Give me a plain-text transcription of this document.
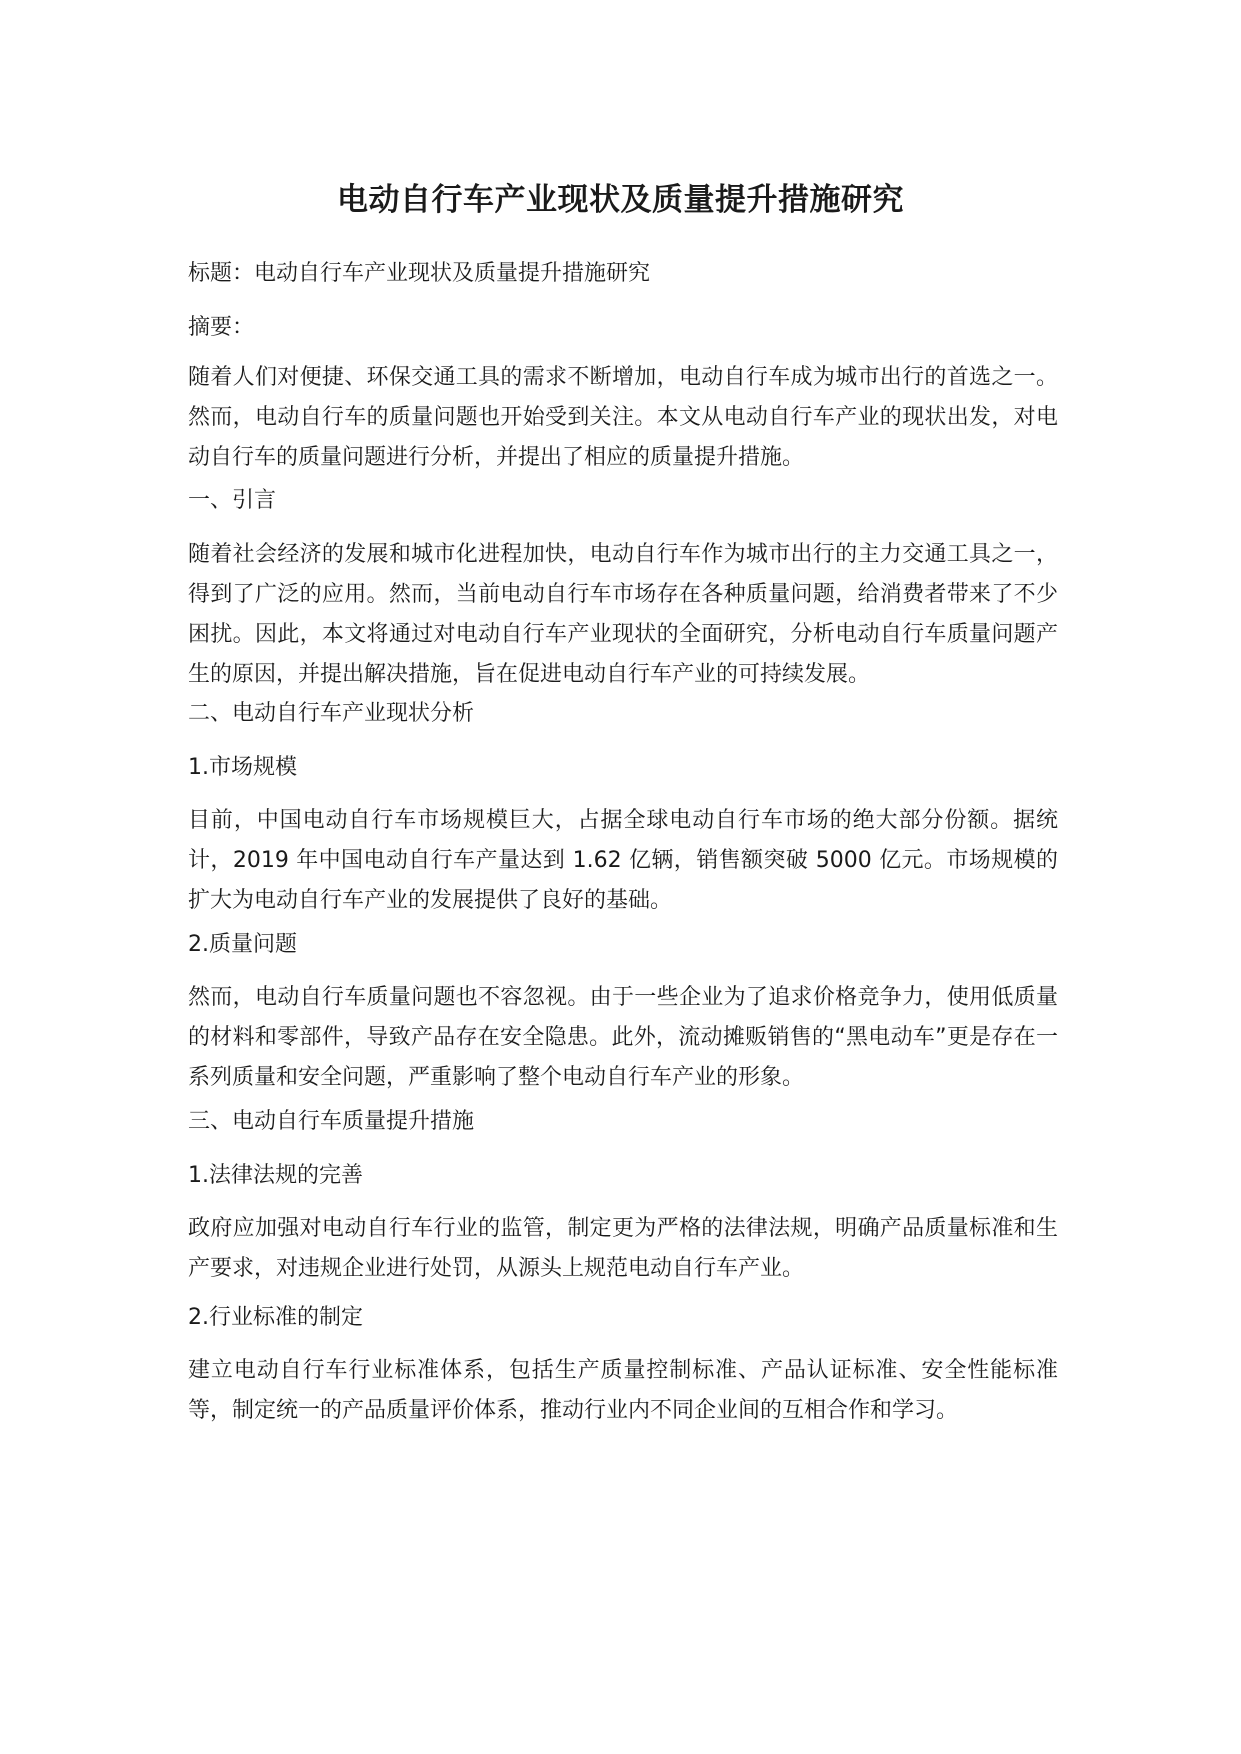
电动自行车产业现状及质量提升措施研究

标题：电动自行车产业现状及质量提升措施研究

摘要：

随着人们对便捷、环保交通工具的需求不断增加，电动自行车成为城市出行的首选之一。然而，电动自行车的质量问题也开始受到关注。本文从电动自行车产业的现状出发，对电动自行车的质量问题进行分析，并提出了相应的质量提升措施。

一、引言

随着社会经济的发展和城市化进程加快，电动自行车作为城市出行的主力交通工具之一，得到了广泛的应用。然而，当前电动自行车市场存在各种质量问题，给消费者带来了不少困扰。因此，本文将通过对电动自行车产业现状的全面研究，分析电动自行车质量问题产生的原因，并提出解决措施，旨在促进电动自行车产业的可持续发展。

二、电动自行车产业现状分析

1.市场规模

目前，中国电动自行车市场规模巨大，占据全球电动自行车市场的绝大部分份额。据统计，2019 年中国电动自行车产量达到 1.62 亿辆，销售额突破 5000 亿元。市场规模的扩大为电动自行车产业的发展提供了良好的基础。

2.质量问题

然而，电动自行车质量问题也不容忽视。由于一些企业为了追求价格竞争力，使用低质量的材料和零部件，导致产品存在安全隐患。此外，流动摊贩销售的“黑电动车”更是存在一系列质量和安全问题，严重影响了整个电动自行车产业的形象。

三、电动自行车质量提升措施

1.法律法规的完善

政府应加强对电动自行车行业的监管，制定更为严格的法律法规，明确产品质量标准和生产要求，对违规企业进行处罚，从源头上规范电动自行车产业。

2.行业标准的制定

建立电动自行车行业标准体系，包括生产质量控制标准、产品认证标准、安全性能标准等，制定统一的产品质量评价体系，推动行业内不同企业间的互相合作和学习。
